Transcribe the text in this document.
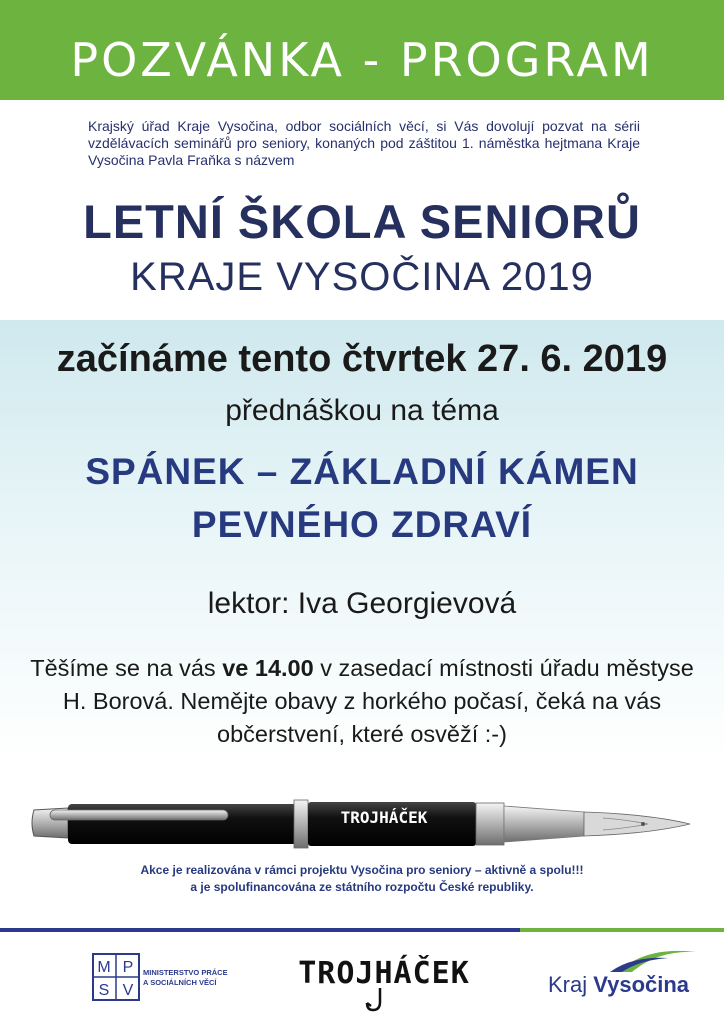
POZVÁNKA - PROGRAM
Krajský úřad Kraje Vysočina, odbor sociálních věcí, si Vás dovolují pozvat na sérii vzdělávacích seminářů pro seniory, konaných pod záštitou 1. náměstka hejtmana Kraje Vysočina Pavla Fraňka s názvem
LETNÍ ŠKOLA SENIORŮ
KRAJE VYSOČINA 2019
začínáme tento čtvrtek 27. 6. 2019
přednáškou na téma
SPÁNEK – ZÁKLADNÍ KÁMEN
PEVNÉHO ZDRAVÍ
lektor: Iva Georgievová
Těšíme se na vás ve 14.00 v zasedací místnosti úřadu městyse H. Borová. Nemějte obavy z horkého počasí, čeká na vás občerstvení, které osvěží :-)
TROJHÁČEK
Akce je realizována v rámci projektu Vysočina pro seniory – aktivně a spolu!!!
a je spolufinancována ze státního rozpočtu České republiky.
M P
S V
MINISTERSTVO PRÁCE
A SOCIÁLNÍCH VĚCÍ	TROJHÁČEK	Kraj Vysočina
